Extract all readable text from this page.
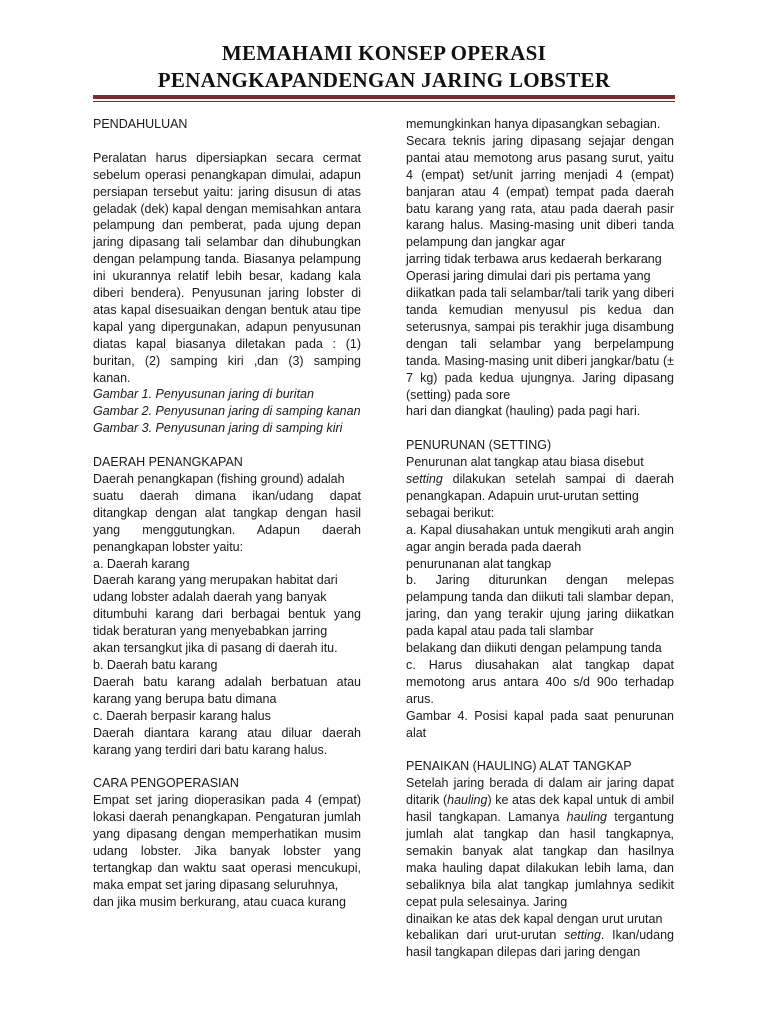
MEMAHAMI KONSEP OPERASI
PENANGKAPANDENGAN JARING LOBSTER
PENDAHULUAN

Peralatan harus dipersiapkan secara cermat sebelum operasi penangkapan dimulai, adapun persiapan tersebut yaitu: jaring disusun di atas geladak (dek) kapal dengan memisahkan antara pelampung dan pemberat, pada ujung depan jaring dipasang tali selambar dan dihubungkan dengan pelampung tanda. Biasanya pelampung ini ukurannya relatif lebih besar, kadang kala diberi bendera). Penyusunan jaring lobster di atas kapal disesuaikan dengan bentuk atau tipe kapal yang dipergunakan, adapun penyusunan diatas kapal biasanya diletakan pada : (1) buritan, (2) samping kiri ,dan (3) samping kanan.

Gambar 1. Penyusunan jaring di buritan

Gambar 2. Penyusunan jaring di samping kanan

Gambar 3. Penyusunan jaring di samping kiri

DAERAH PENANGKAPAN

Daerah penangkapan (fishing ground) adalah

suatu daerah dimana ikan/udang dapat ditangkap dengan alat tangkap dengan hasil yang menggutungkan. Adapun daerah penangkapan lobster yaitu:

a. Daerah karang

Daerah karang yang merupakan habitat dari

udang lobster adalah daerah yang banyak

ditumbuhi karang dari berbagai bentuk yang tidak beraturan yang menyebabkan jarring

akan tersangkut jika di pasang di daerah itu.

b. Daerah batu karang

Daerah batu karang adalah berbatuan atau karang yang berupa batu dimana

c. Daerah berpasir karang halus

Daerah diantara karang atau diluar daerah karang yang terdiri dari batu karang halus.

CARA PENGOPERASIAN

Empat set jaring dioperasikan pada 4 (empat) lokasi daerah penangkapan. Pengaturan jumlah yang dipasang dengan memperhatikan musim udang lobster. Jika banyak lobster yang tertangkap dan waktu saat operasi mencukupi, maka empat set jaring dipasang seluruhnya,

dan jika musim berkurang, atau cuaca kurang

memungkinkan hanya dipasangkan sebagian.

Secara teknis jaring dipasang sejajar dengan pantai atau memotong arus pasang surut, yaitu 4 (empat) set/unit jarring menjadi 4 (empat) banjaran atau 4 (empat) tempat pada daerah batu karang yang rata, atau pada daerah pasir karang halus. Masing-masing unit diberi tanda pelampung dan jangkar agar

jarring tidak terbawa arus kedaerah berkarang

Operasi jaring dimulai dari pis pertama yang

diikatkan pada tali selambar/tali tarik yang diberi tanda kemudian menyusul pis kedua dan seterusnya, sampai pis terakhir juga disambung dengan tali selambar yang berpelampung tanda. Masing-masing unit diberi jangkar/batu (± 7 kg) pada kedua ujungnya. Jaring dipasang (setting) pada sore

hari dan diangkat (hauling) pada pagi hari.

PENURUNAN (SETTING)

Penurunan alat tangkap atau biasa disebut

setting dilakukan setelah sampai di daerah penangkapan. Adapuin urut-urutan setting

sebagai berikut:

a. Kapal diusahakan untuk mengikuti arah angin agar angin berada pada daerah

penurunanan alat tangkap

b. Jaring diturunkan dengan melepas pelampung tanda dan diikuti tali slambar depan, jaring, dan yang terakir ujung jaring diikatkan pada kapal atau pada tali slambar

belakang dan diikuti dengan pelampung tanda

c. Harus diusahakan alat tangkap dapat memotong arus antara 40o s/d 90o terhadap arus.

Gambar 4. Posisi kapal pada saat penurunan alat

PENAIKAN (HAULING) ALAT TANGKAP

Setelah jaring berada di dalam air jaring dapat ditarik (hauling) ke atas dek kapal untuk di ambil hasil tangkapan. Lamanya hauling tergantung jumlah alat tangkap dan hasil tangkapnya, semakin banyak alat tangkap dan hasilnya maka hauling dapat dilakukan lebih lama, dan sebaliknya bila alat tangkap jumlahnya sedikit cepat pula selesainya. Jaring

dinaikan ke atas dek kapal dengan urut urutan

kebalikan dari urut-urutan setting. Ikan/udang hasil tangkapan dilepas dari jaring dengan
